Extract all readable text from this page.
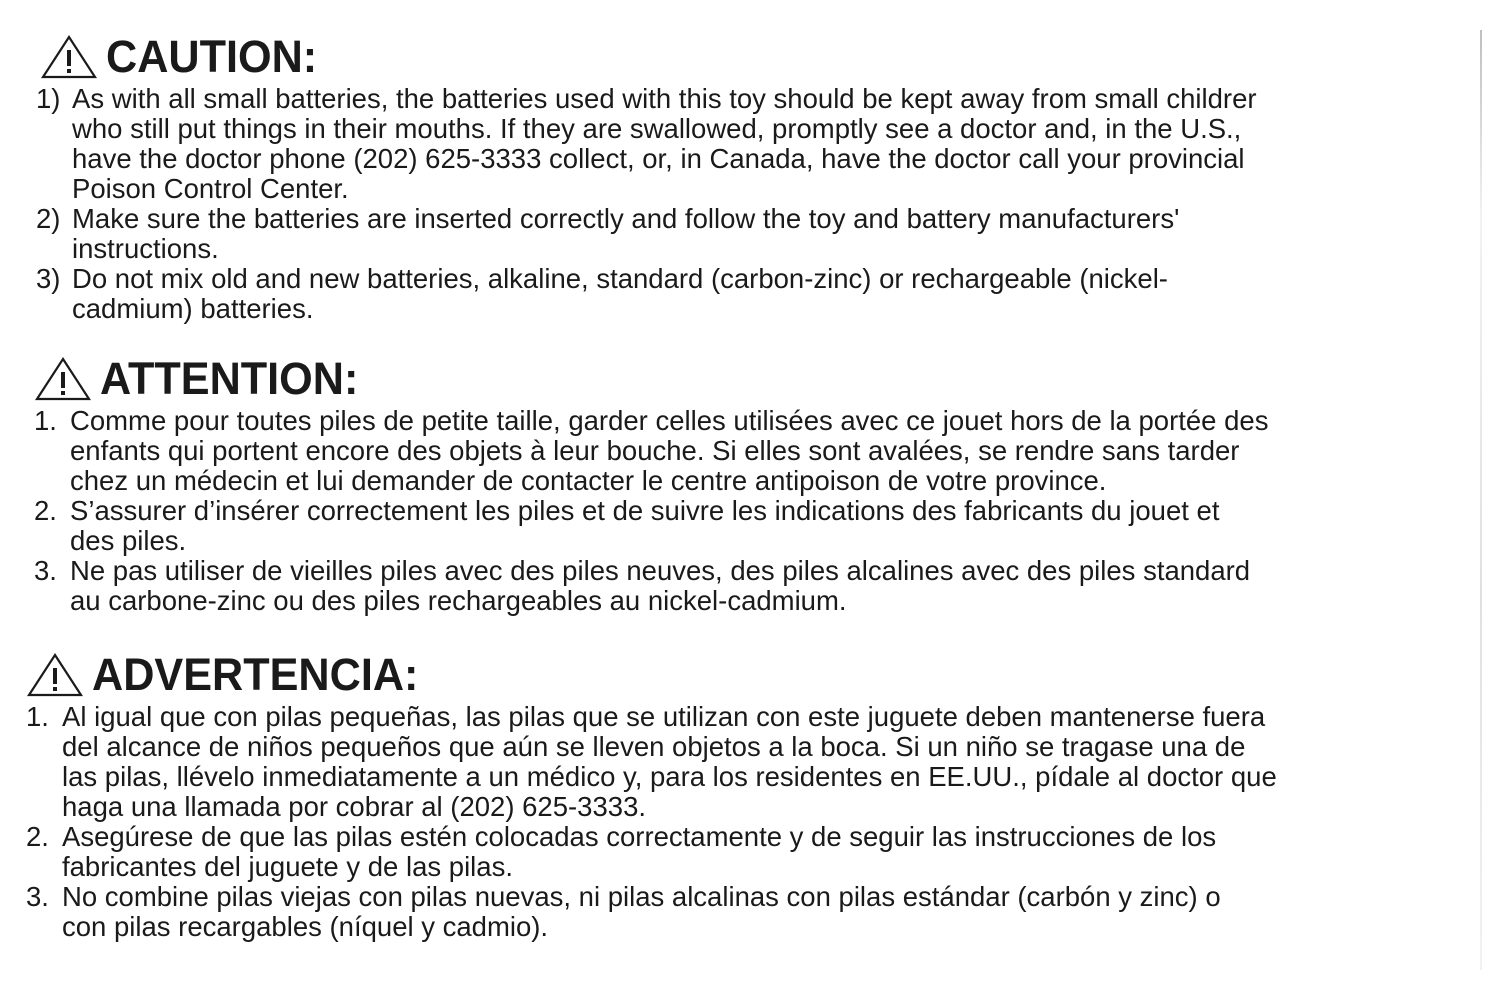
CAUTION:
1) As with all small batteries, the batteries used with this toy should be kept away from small childrer
who still put things in their mouths. If they are swallowed, promptly see a doctor and, in the U.S.,
have the doctor phone (202) 625-3333 collect, or, in Canada, have the doctor call your provincial
Poison Control Center.
2) Make sure the batteries are inserted correctly and follow the toy and battery manufacturers'
instructions.
3) Do not mix old and new batteries, alkaline, standard (carbon-zinc) or rechargeable (nickel-
cadmium) batteries.
ATTENTION:
1. Comme pour toutes piles de petite taille, garder celles utilisées avec ce jouet hors de la portée des
enfants qui portent encore des objets à leur bouche. Si elles sont avalées, se rendre sans tarder
chez un médecin et lui demander de contacter le centre antipoison de votre province.
2. S’assurer d’insérer correctement les piles et de suivre les indications des fabricants du jouet et
des piles.
3. Ne pas utiliser de vieilles piles avec des piles neuves, des piles alcalines avec des piles standard
au carbone-zinc ou des piles rechargeables au nickel-cadmium.
ADVERTENCIA:
1. Al igual que con pilas pequeñas, las pilas que se utilizan con este juguete deben mantenerse fuera
del alcance de niños pequeños que aún se lleven objetos a la boca. Si un niño se tragase una de
las pilas, llévelo inmediatamente a un médico y, para los residentes en EE.UU., pídale al doctor que
haga una llamada por cobrar al (202) 625-3333.
2. Asegúrese de que las pilas estén colocadas correctamente y de seguir las instrucciones de los
fabricantes del juguete y de las pilas.
3. No combine pilas viejas con pilas nuevas, ni pilas alcalinas con pilas estándar (carbón y zinc) o
con pilas recargables (níquel y cadmio).
